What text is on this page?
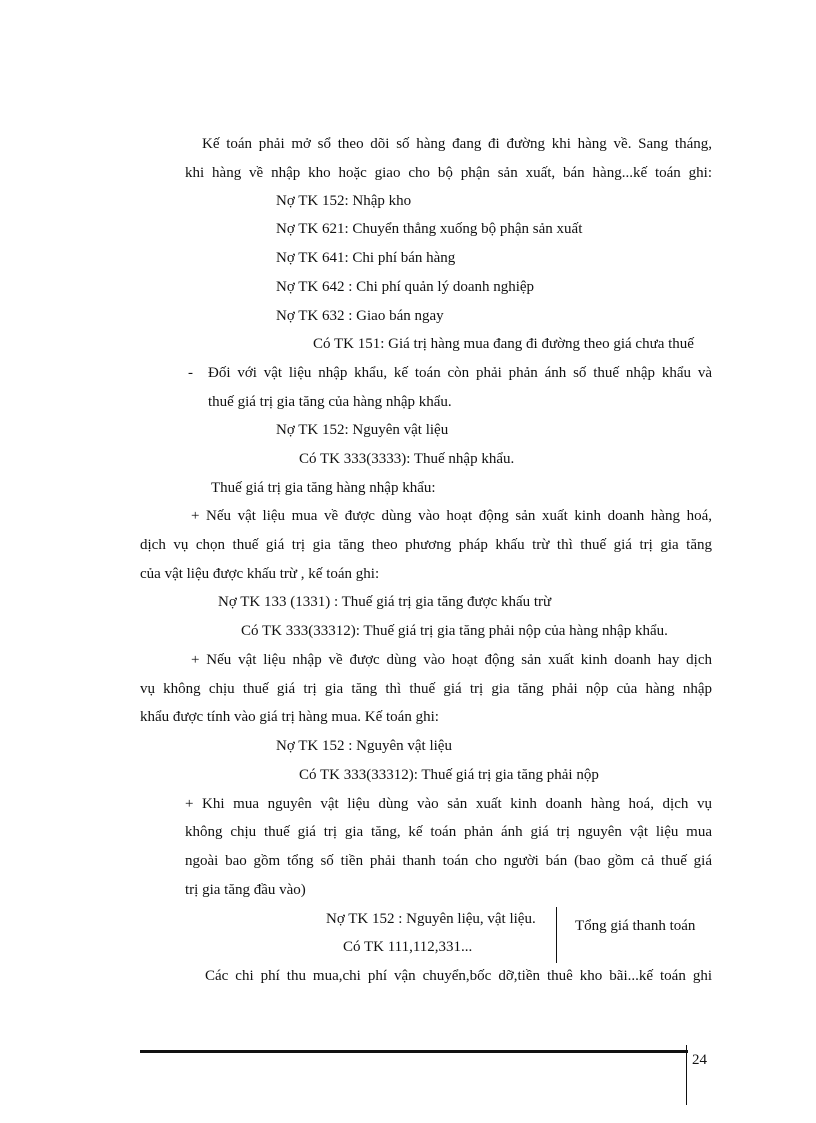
Kế toán phải mở sổ theo dõi số hàng đang đi đường khi hàng về. Sang tháng,
khi hàng về nhập kho hoặc giao cho bộ phận sản xuất, bán hàng...kế toán ghi:
Nợ TK 152: Nhập kho
Nợ TK 621: Chuyển thẳng xuống bộ phận sản xuất
Nợ TK 641: Chi phí bán hàng
Nợ TK 642 : Chi phí quản lý doanh nghiệp
Nợ TK 632 : Giao bán ngay
Có TK 151: Giá trị hàng mua đang đi đường theo giá chưa thuế
- Đối với vật liệu nhập khẩu, kế toán còn phải phản ánh số thuế nhập khẩu và
thuế giá trị gia tăng của hàng nhập khẩu.
Nợ TK 152: Nguyên vật liệu
Có TK 333(3333): Thuế nhập khẩu.
Thuế giá trị gia tăng hàng nhập khẩu:
+ Nếu vật liệu mua về được dùng vào hoạt động sản xuất kinh doanh hàng hoá,
dịch vụ chọn thuế giá trị gia tăng theo phương pháp khấu trừ thì thuế giá trị gia tăng
của vật liệu được khấu trừ , kế toán ghi:
Nợ TK 133 (1331) : Thuế giá trị gia tăng được khấu trừ
Có TK 333(33312): Thuế giá trị gia tăng phải nộp của hàng nhập khẩu.
+ Nếu vật liệu nhập về được dùng vào hoạt động sản xuất kinh doanh hay dịch
vụ không chịu thuế giá trị gia tăng thì thuế giá trị gia tăng phải nộp của hàng nhập
khẩu được tính vào giá trị hàng mua. Kế toán ghi:
Nợ TK 152 : Nguyên vật liệu
Có TK 333(33312): Thuế giá trị gia tăng phải nộp
+ Khi mua nguyên vật liệu dùng vào sản xuất kinh doanh hàng hoá, dịch vụ
không chịu thuế giá trị gia tăng, kế toán phản ánh giá trị nguyên vật liệu mua
ngoài bao gồm tổng số tiền phải thanh toán cho người bán (bao gồm cả thuế giá
trị gia tăng đầu vào)
Nợ TK 152 : Nguyên liệu, vật liệu.	Tổng giá thanh toán
Có TK 111,112,331...
Các chi phí thu mua,chi phí vận chuyển,bốc dỡ,tiền thuê kho bãi...kế toán ghi
24
